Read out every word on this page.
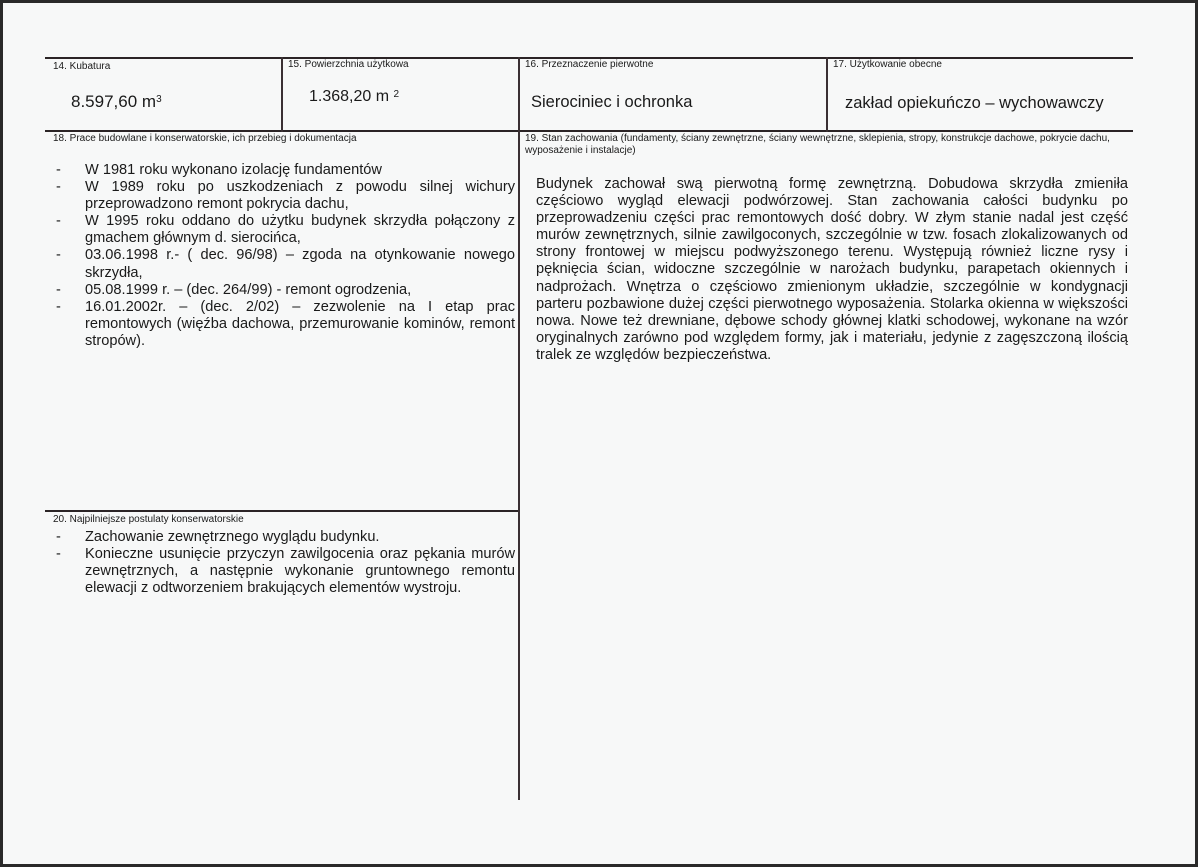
14. Kubatura
8.597,60 $m^3$
15. Powierzchnia użytkowa
1.368,20 m $^2$
16. Przeznaczenie pierwotne
Sierociniec i ochronka
17. Użytkowanie obecne
zakład opiekuńczo – wychowawczy
18. Prace budowlane i konserwatorskie, ich przebieg i dokumentacja
- W 1981 roku wykonano izolację fundamentów
- W 1989 roku po uszkodzeniach z powodu silnej wichury przeprowadzono remont pokrycia dachu,
- W 1995 roku oddano do użytku budynek skrzydła połączony z gmachem głównym d. sierocińca,
- 03.06.1998 r.- ( dec. 96/98) – zgoda na otynkowanie nowego skrzydła,
- 05.08.1999 r. – (dec. 264/99) - remont ogrodzenia,
- 16.01.2002r. – (dec. 2/02) – zezwolenie na I etap prac remontowych (więźba dachowa, przemurowanie kominów, remont stropów).
19. Stan zachowania (fundamenty, ściany zewnętrzne, ściany wewnętrzne, sklepienia, stropy, konstrukcje dachowe, pokrycie dachu, wyposażenie i instalacje)

Budynek zachował swą pierwotną formę zewnętrzną. Dobudowa skrzydła zmieniła częściowo wygląd elewacji podwórzowej. Stan zachowania całości budynku po przeprowadzeniu części prac remontowych dość dobry. W złym stanie nadal jest część murów zewnętrznych, silnie zawilgoconych, szczególnie w tzw. fosach zlokalizowanych od strony frontowej w miejscu podwyższonego terenu. Występują również liczne rysy i pęknięcia ścian, widoczne szczególnie w narożach budynku, parapetach okiennych i nadprożach. Wnętrza o częściowo zmienionym układzie, szczególnie w kondygnacji parteru pozbawione dużej części pierwotnego wyposażenia. Stolarka okienna w większości nowa. Nowe też drewniane, dębowe schody głównej klatki schodowej, wykonane na wzór oryginalnych zarówno pod względem formy, jak i materiału, jedynie z zagęszczoną ilością tralek ze względów bezpieczeństwa.

20. Najpilniejsze postulaty konserwatorskie
- Zachowanie zewnętrznego wyglądu budynku.
- Konieczne usunięcie przyczyn zawilgocenia oraz pękania murów zewnętrznych, a następnie wykonanie gruntownego remontu elewacji z odtworzeniem brakujących elementów wystroju.
